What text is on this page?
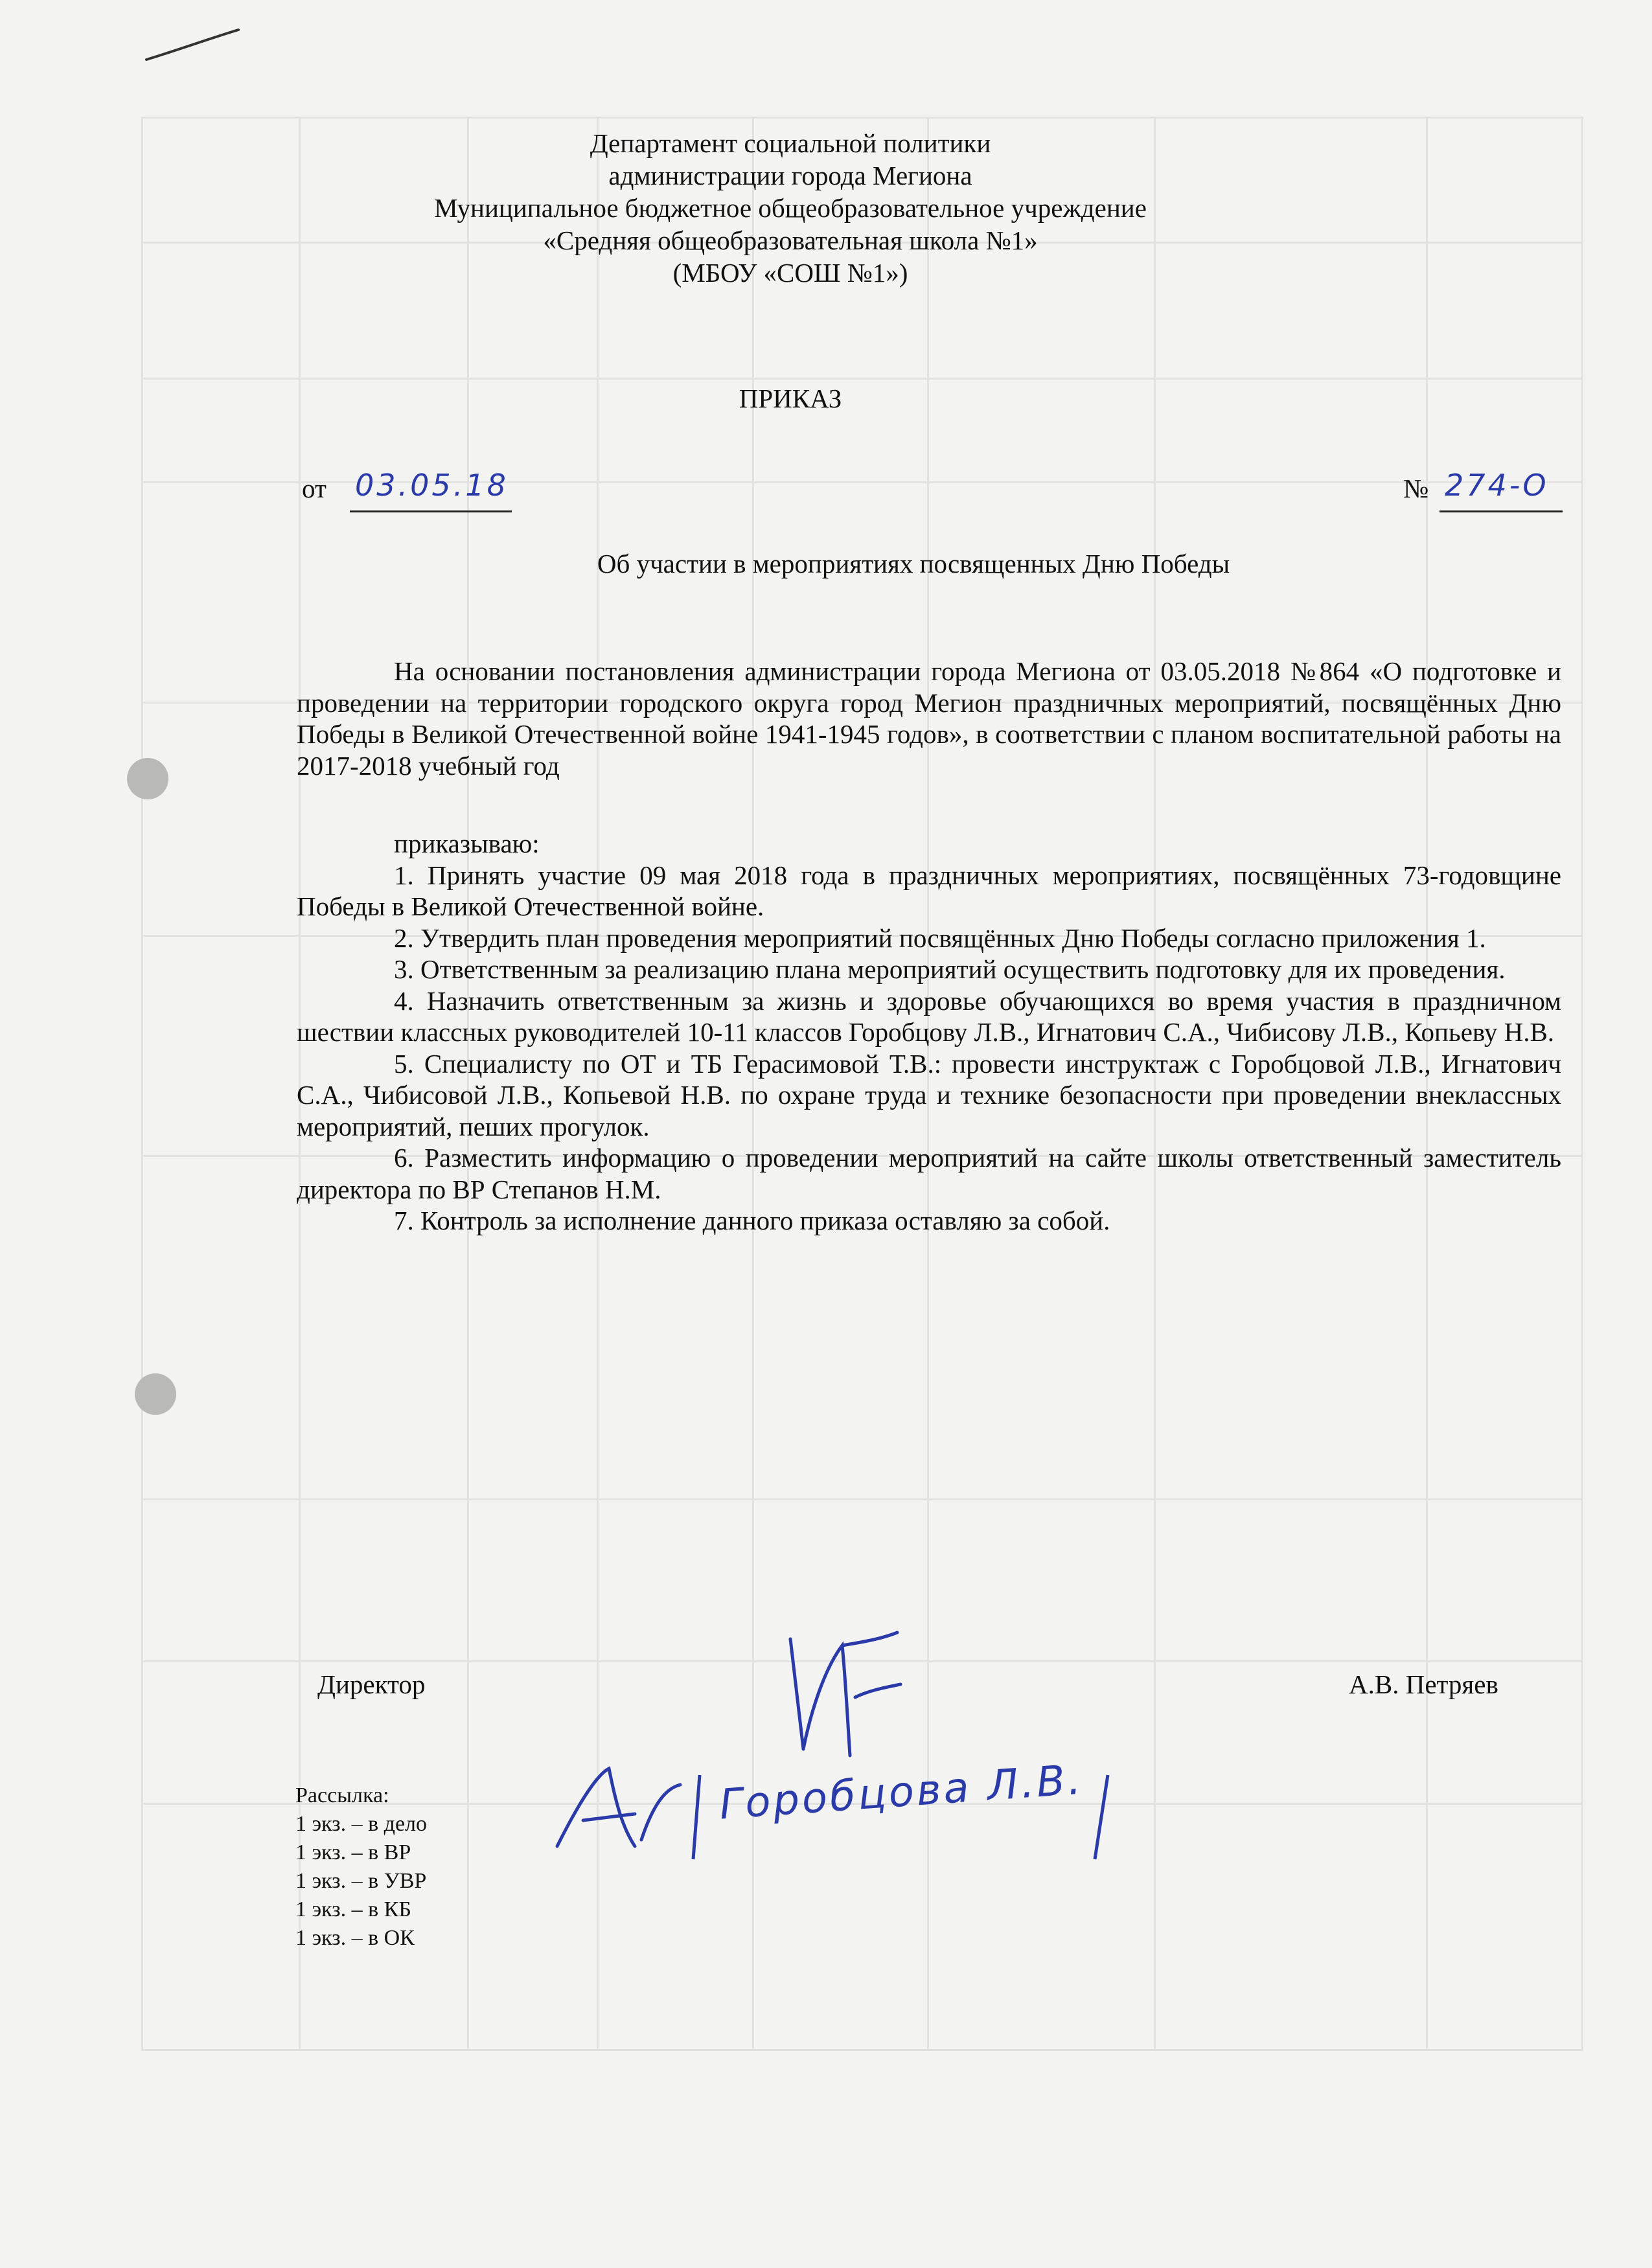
Департамент социальной политики
администрации города Мегиона
Муниципальное бюджетное общеобразовательное учреждение
«Средняя общеобразовательная школа №1»
(МБОУ «СОШ №1»)
ПРИКАЗ
от 03.05.18	№ 274-О
Об участии в мероприятиях посвященных Дню Победы

На основании постановления администрации города Мегиона от 03.05.2018 №864 «О подготовке и проведении на территории городского округа город Мегион праздничных мероприятий, посвящённых Дню Победы в Великой Отечественной войне 1941-1945 годов», в соответствии с планом воспитательной работы на 2017-2018 учебный год

приказываю:

1. Принять участие 09 мая 2018 года в праздничных мероприятиях, посвящённых 73-годовщине Победы в Великой Отечественной войне.

2. Утвердить план проведения мероприятий посвящённых Дню Победы согласно приложения 1.

3. Ответственным за реализацию плана мероприятий осуществить подготовку для их проведения.

4. Назначить ответственным за жизнь и здоровье обучающихся во время участия в праздничном шествии классных руководителей 10-11 классов Горобцову Л.В., Игнатович С.А., Чибисову Л.В., Копьеву Н.В.

5. Специалисту по ОТ и ТБ Герасимовой Т.В.: провести инструктаж с Горобцовой Л.В., Игнатович С.А., Чибисовой Л.В., Копьевой Н.В. по охране труда и технике безопасности при проведении внеклассных мероприятий, пеших прогулок.

6. Разместить информацию о проведении мероприятий на сайте школы ответственный заместитель директора по ВР Степанов Н.М.

7. Контроль за исполнение данного приказа оставляю за собой.

Директор	А.В. Петряев
Горобцова Л.В.
Рассылка:
1 экз. – в дело
1 экз. – в ВР
1 экз. – в УВР
1 экз. – в КБ
1 экз. – в ОК
